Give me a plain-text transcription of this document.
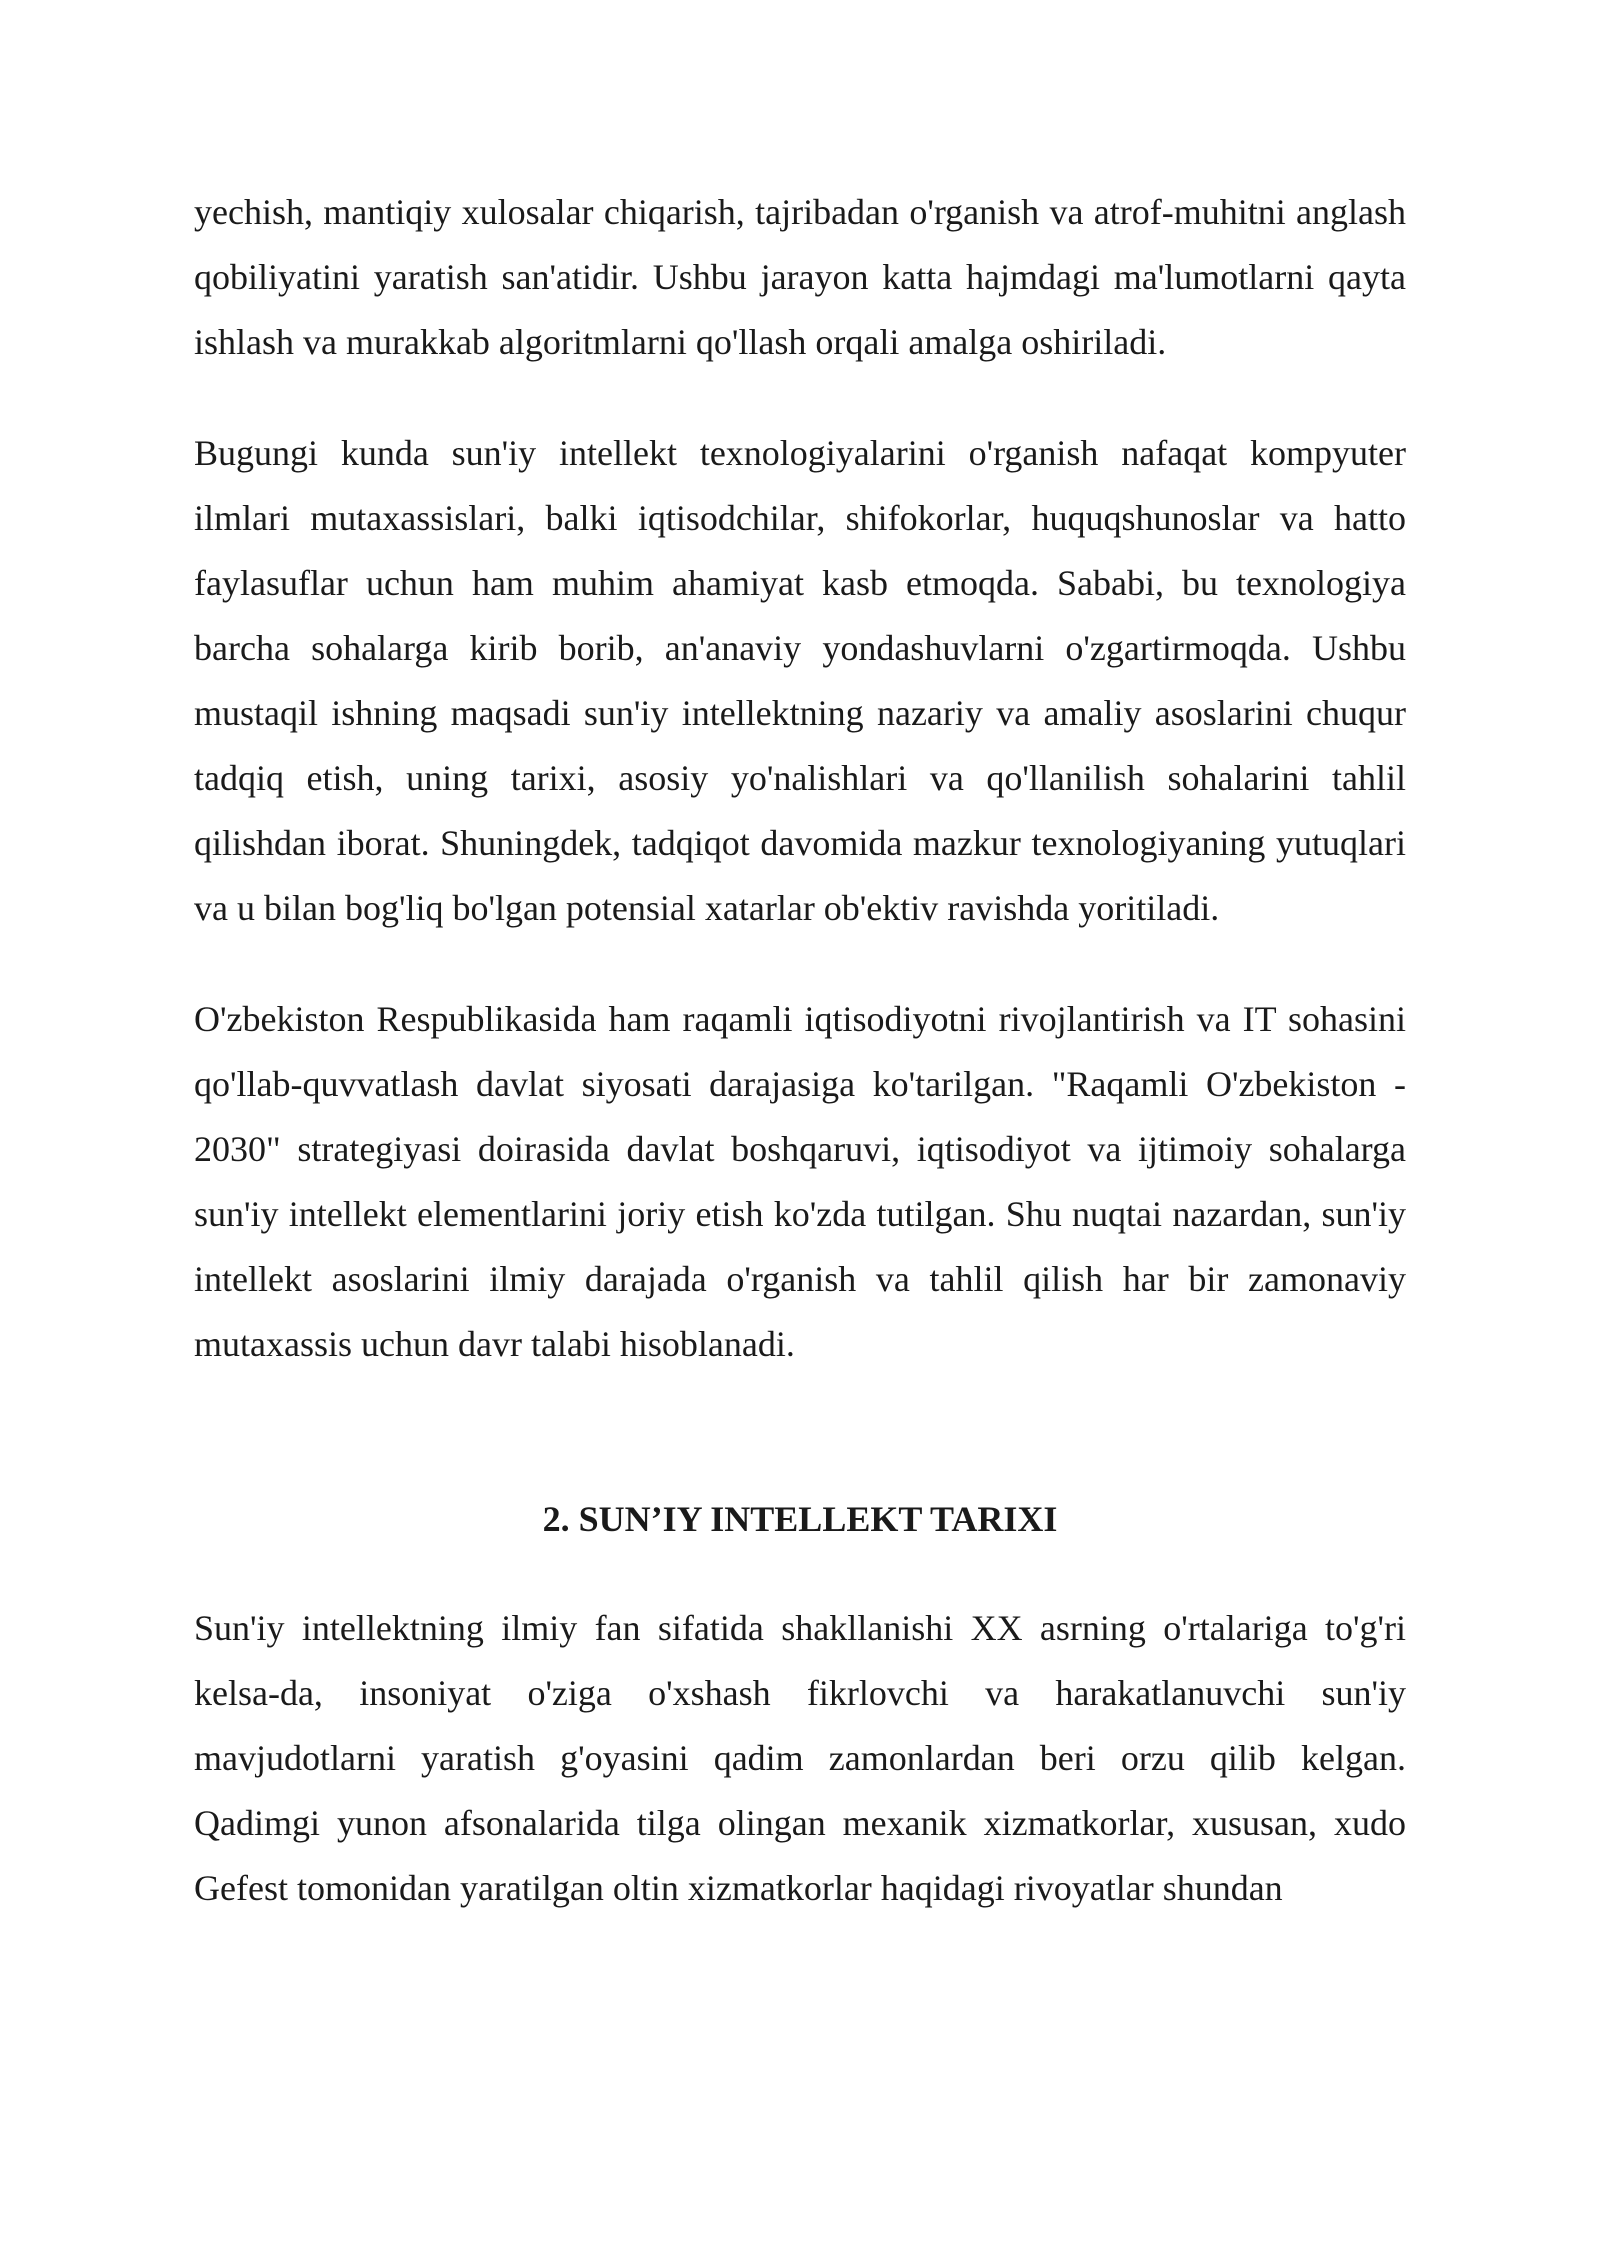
yechish, mantiqiy xulosalar chiqarish, tajribadan o'rganish va atrof-muhitni anglash qobiliyatini yaratish san'atidir. Ushbu jarayon katta hajmdagi ma'lumotlarni qayta ishlash va murakkab algoritmlarni qo'llash orqali amalga oshiriladi.

Bugungi kunda sun'iy intellekt texnologiyalarini o'rganish nafaqat kompyuter ilmlari mutaxassislari, balki iqtisodchilar, shifokorlar, huquqshunoslar va hatto faylasuflar uchun ham muhim ahamiyat kasb etmoqda. Sababi, bu texnologiya barcha sohalarga kirib borib, an'anaviy yondashuvlarni o'zgartirmoqda. Ushbu mustaqil ishning maqsadi sun'iy intellektning nazariy va amaliy asoslarini chuqur tadqiq etish, uning tarixi, asosiy yo'nalishlari va qo'llanilish sohalarini tahlil qilishdan iborat. Shuningdek, tadqiqot davomida mazkur texnologiyaning yutuqlari va u bilan bog'liq bo'lgan potensial xatarlar ob'ektiv ravishda yoritiladi.

O'zbekiston Respublikasida ham raqamli iqtisodiyotni rivojlantirish va IT sohasini qo'llab-quvvatlash davlat siyosati darajasiga ko'tarilgan. "Raqamli O'zbekiston - 2030" strategiyasi doirasida davlat boshqaruvi, iqtisodiyot va ijtimoiy sohalarga sun'iy intellekt elementlarini joriy etish ko'zda tutilgan. Shu nuqtai nazardan, sun'iy intellekt asoslarini ilmiy darajada o'rganish va tahlil qilish har bir zamonaviy mutaxassis uchun davr talabi hisoblanadi.

2. SUN’IY INTELLEKT TARIXI

Sun'iy intellektning ilmiy fan sifatida shakllanishi XX asrning o'rtalariga to'g'ri kelsa-da, insoniyat o'ziga o'xshash fikrlovchi va harakatlanuvchi sun'iy mavjudotlarni yaratish g'oyasini qadim zamonlardan beri orzu qilib kelgan. Qadimgi yunon afsonalarida tilga olingan mexanik xizmatkorlar, xususan, xudo Gefest tomonidan yaratilgan oltin xizmatkorlar haqidagi rivoyatlar shundan
